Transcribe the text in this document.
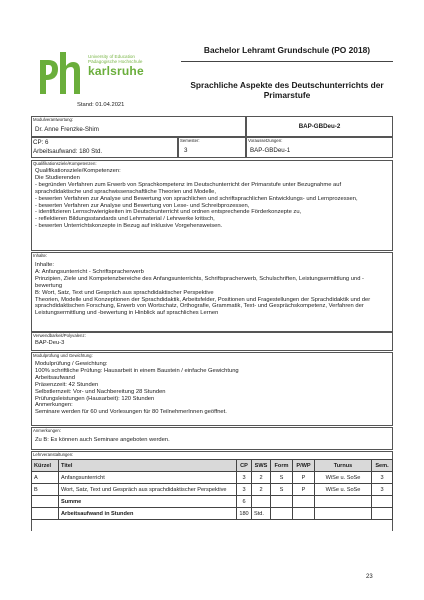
University of Education
Pädagogische Hochschule
karlsruhe
Stand: 01.04.2021
Bachelor Lehramt Grundschule (PO 2018)
Sprachliche Aspekte des Deutschunterrichts der Primarstufe
Modulverantwortung:
Dr. Anne Frenzke-Shim	BAP-GBDeu-2
CP: 6
Arbeitsaufwand: 180 Std.
Semester:
3
Voraussetzungen:
BAP-GBDeu-1
Qualifikationsziele/Kompetenzen:
Qualifikationsziele/Kompetenzen:
Die Studierenden
- begründen Verfahren zum Erwerb von Sprachkompetenz im Deutschunterricht der Primarstufe unter Bezugnahme auf sprachdidaktische und sprachwissenschaftliche Theorien und Modelle,
- bewerten Verfahren zur Analyse und Bewertung von sprachlichen und schriftsprachlichen Entwicklungs- und Lernprozessen,
- bewerten Verfahren zur Analyse und Bewertung von Lese- und Schreibprozessen,
- identifizieren Lernschwierigkeiten im Deutschunterricht und ordnen entsprechende Förderkonzepte zu,
- reflektieren Bildungsstandards und Lehrmaterial / Lehrwerke kritisch,
- bewerten Unterrichtskonzepte in Bezug auf inklusive Vorgehensweisen.
Inhalte:
Inhalte:
A: Anfangsunterricht - Schriftspracherwerb
Prinzipien, Ziele und Kompetenzbereiche des Anfangsunterrichts, Schriftspracherwerb, Schulschriften, Leistungsermittlung und -bewertung
B: Wort, Satz, Text und Gespräch aus sprachdidaktischer Perspektive
Theorien, Modelle und Konzeptionen der Sprachdidaktik, Arbeitsfelder, Positionen und Fragestellungen der Sprachdidaktik und der sprachdidaktischen Forschung, Erwerb von Wortschatz, Orthografie, Grammatik, Text- und Gesprächskompetenz, Verfahren der Leistungsermittlung und -bewertung in Hinblick auf sprachliches Lernen
Verwendbarkeit/Polyvalenz:
BAP-Deu-3
Modulprüfung und Gewichtung:
Modulprüfung / Gewichtung:
100% schriftliche Prüfung: Hausarbeit in einem Baustein / einfache Gewichtung
Arbeitsaufwand
Präsenzzeit: 42 Stunden
Selbstlernzeit: Vor- und Nachbereitung 28 Stunden
Prüfungsleistungen (Hausarbeit): 120 Stunden
Anmerkungen:
Seminare werden für 60 und Vorlesungen für 80 TeilnehmerInnen geöffnet.
Anmerkungen:
Zu B: Es können auch Seminare angeboten werden.
Lehrveranstaltungen:
Kürzel	Titel	CP	SWS	Form	P/WP	Turnus	Sem.
A	Anfangsunterricht	3	2	S	P	WiSe u. SoSe	3
B	Wort, Satz, Text und Gespräch aus sprachdidaktischer Perspektive	3	2	S	P	WiSe u. SoSe	3
	Summe	6					
	Arbeitsaufwand in Stunden	180	Std.				
23
